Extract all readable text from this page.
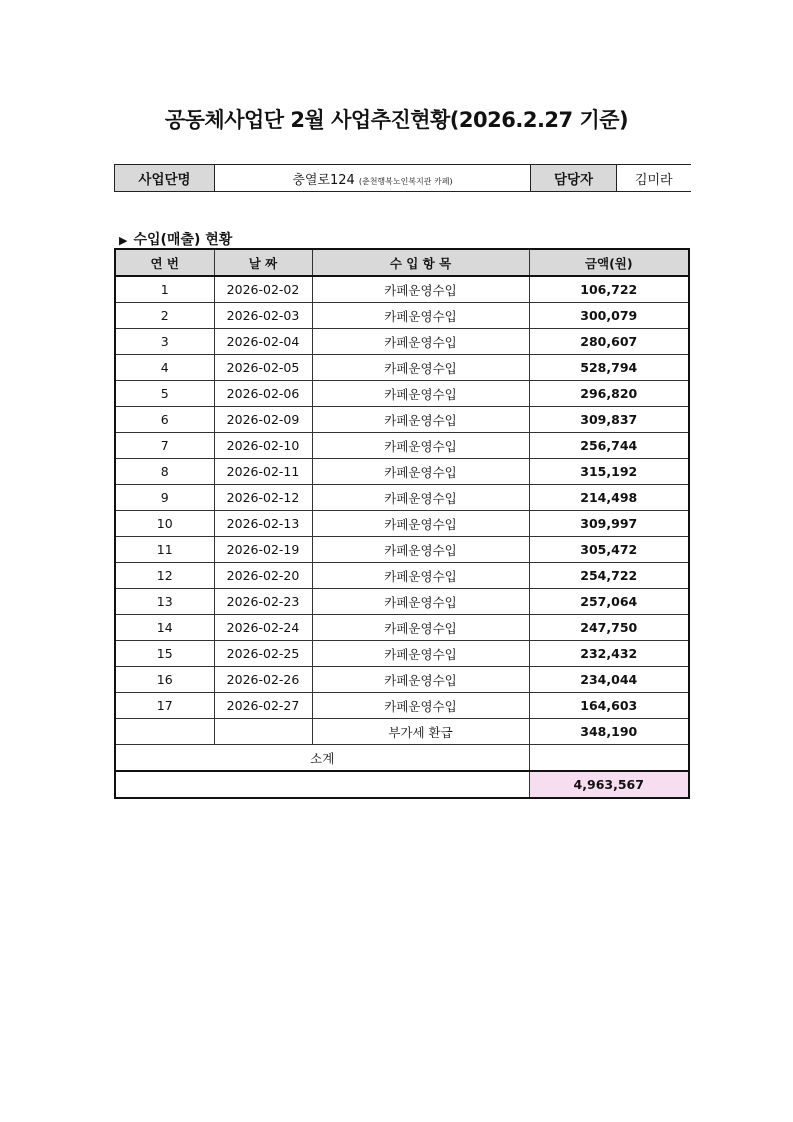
공동체사업단 2월 사업추진현황(2026.2.27 기준)
사업단명	충열로124 (춘천행복노인복지관 카페)	담당자	김미라
▶ 수입(매출) 현황
연 번	날 짜	수 입 항 목	금액(원)
1	2026-02-02	카페운영수입	106,722
2	2026-02-03	카페운영수입	300,079
3	2026-02-04	카페운영수입	280,607
4	2026-02-05	카페운영수입	528,794
5	2026-02-06	카페운영수입	296,820
6	2026-02-09	카페운영수입	309,837
7	2026-02-10	카페운영수입	256,744
8	2026-02-11	카페운영수입	315,192
9	2026-02-12	카페운영수입	214,498
10	2026-02-13	카페운영수입	309,997
11	2026-02-19	카페운영수입	305,472
12	2026-02-20	카페운영수입	254,722
13	2026-02-23	카페운영수입	257,064
14	2026-02-24	카페운영수입	247,750
15	2026-02-25	카페운영수입	232,432
16	2026-02-26	카페운영수입	234,044
17	2026-02-27	카페운영수입	164,603
		부가세 환급	348,190
소계			
			4,963,567
